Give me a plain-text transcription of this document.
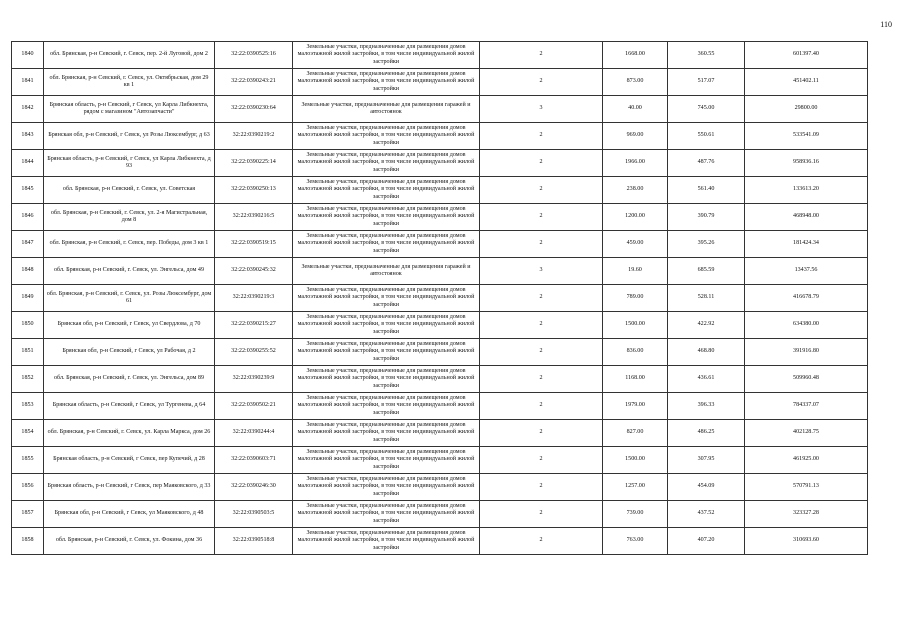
110
1840	обл. Брянская, р-н Севский, г. Севск, пер. 2-й Луговой, дом 2	32:22:0390525:16	Земельные участки, предназначенные для размещения домов малоэтажной жилой застройки, в том числе индивидуальной жилой застройки	2	1668.00	360.55	601397.40
1841	обл. Брянская, р-н Севский, г. Севск, ул. Октябрьская, дом 29 кв 1	32:22:0390243:21	Земельные участки, предназначенные для размещения домов малоэтажной жилой застройки, в том числе индивидуальной жилой застройки	2	873.00	517.07	451402.11
1842	Брянская область, р-н Севский, г Севск, ул Карла Либкнехта, рядом с магазином "Автозапчасти"	32:22:0390230:64	Земельные участки, предназначенные для размещения гаражей и автостоянок	3	40.00	745.00	29800.00
1843	Брянская обл, р-н Севский, г Севск, ул Розы Люксембург, д 63	32:22:0390219:2	Земельные участки, предназначенные для размещения домов малоэтажной жилой застройки, в том числе индивидуальной жилой застройки	2	969.00	550.61	533541.09
1844	Брянская область, р-н Севский, г Севск, ул Карла Либкнехта, д 93	32:22:0390225:14	Земельные участки, предназначенные для размещения домов малоэтажной жилой застройки, в том числе индивидуальной жилой застройки	2	1966.00	487.76	958936.16
1845	обл. Брянская, р-н Севский, г. Севск, ул. Советская	32:22:0390250:13	Земельные участки, предназначенные для размещения домов малоэтажной жилой застройки, в том числе индивидуальной жилой застройки	2	238.00	561.40	133613.20
1846	обл. Брянская, р-н Севский, г. Севск, ул. 2-я Магистральная, дом 8	32:22:0390216:5	Земельные участки, предназначенные для размещения домов малоэтажной жилой застройки, в том числе индивидуальной жилой застройки	2	1200.00	390.79	468948.00
1847	обл. Брянская, р-н Севский, г. Севск, пер. Победы, дом 3 кв 1	32:22:0390519:15	Земельные участки, предназначенные для размещения домов малоэтажной жилой застройки, в том числе индивидуальной жилой застройки	2	459.00	395.26	181424.34
1848	обл. Брянская, р-н Севский, г. Севск, ул. Энгельса, дом 49	32:22:0390245:32	Земельные участки, предназначенные для размещения гаражей и автостоянок	3	19.60	685.59	13437.56
1849	обл. Брянская, р-н Севский, г. Севск, ул. Розы Люксембург, дом 61	32:22:0390219:3	Земельные участки, предназначенные для размещения домов малоэтажной жилой застройки, в том числе индивидуальной жилой застройки	2	789.00	528.11	416678.79
1850	Брянская обл, р-н Севский, г Севск, ул Свердлова, д 70	32:22:0390215:27	Земельные участки, предназначенные для размещения домов малоэтажной жилой застройки, в том числе индивидуальной жилой застройки	2	1500.00	422.92	634380.00
1851	Брянская обл, р-н Севский, г Севск, ул Рабочая, д 2	32:22:0390255:52	Земельные участки, предназначенные для размещения домов малоэтажной жилой застройки, в том числе индивидуальной жилой застройки	2	836.00	468.80	391916.80
1852	обл. Брянская, р-н Севский, г. Севск, ул. Энгельса, дом 89	32:22:0390239:9	Земельные участки, предназначенные для размещения домов малоэтажной жилой застройки, в том числе индивидуальной жилой застройки	2	1168.00	436.61	509960.48
1853	Брянская область, р-н Севский, г Севск, ул Тургенева, д 64	32:22:0390502:21	Земельные участки, предназначенные для размещения домов малоэтажной жилой застройки, в том числе индивидуальной жилой застройки	2	1979.00	396.33	784337.07
1854	обл. Брянская, р-н Севский, г. Севск, ул. Карла Маркса, дом 26	32:22:0390244:4	Земельные участки, предназначенные для размещения домов малоэтажной жилой застройки, в том числе индивидуальной жилой застройки	2	827.00	486.25	402128.75
1855	Брянская область, р-н Севский, г Севск, пер Купечий, д 28	32:22:0390603:71	Земельные участки, предназначенные для размещения домов малоэтажной жилой застройки, в том числе индивидуальной жилой застройки	2	1500.00	307.95	461925.00
1856	Брянская область, р-н Севский, г Севск, пер Маяковского, д 33	32:22:0390246:30	Земельные участки, предназначенные для размещения домов малоэтажной жилой застройки, в том числе индивидуальной жилой застройки	2	1257.00	454.09	570791.13
1857	Брянская обл, р-н Севский, г Севск, ул Маяковского, д 48	32:22:0390503:5	Земельные участки, предназначенные для размещения домов малоэтажной жилой застройки, в том числе индивидуальной жилой застройки	2	739.00	437.52	323327.28
1858	обл. Брянская, р-н Севский, г. Севск, ул. Фокина, дом 36	32:22:0390518:8	Земельные участки, предназначенные для размещения домов малоэтажной жилой застройки, в том числе индивидуальной жилой застройки	2	763.00	407.20	310693.60
